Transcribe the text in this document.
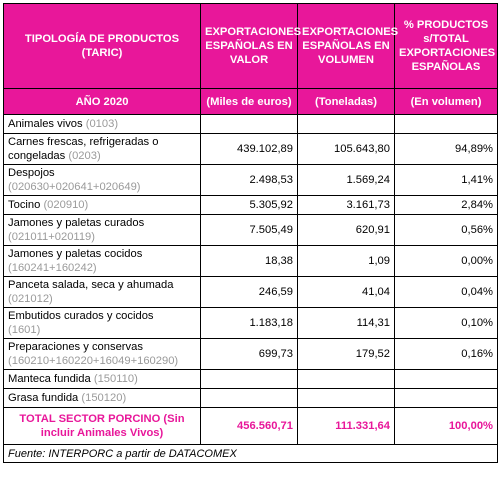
TIPOLOGÍA DE PRODUCTOS (TARIC)	EXPORTACIONES ESPAÑOLAS EN VALOR	EXPORTACIONES ESPAÑOLAS EN VOLUMEN	% PRODUCTOS s/TOTAL EXPORTACIONES ESPAÑOLAS
AÑO 2020	(Miles de euros)	(Toneladas)	(En volumen)
Animales vivos (0103)			
Carnes frescas, refrigeradas o congeladas (0203)	439.102,89	105.643,80	94,89%
Despojos
(020630+020641+020649)	2.498,53	1.569,24	1,41%
Tocino (020910)	5.305,92	3.161,73	2,84%
Jamones y paletas curados
(021011+020119)	7.505,49	620,91	0,56%
Jamones y paletas cocidos
(160241+160242)	18,38	1,09	0,00%
Panceta salada, seca y ahumada
(021012)	246,59	41,04	0,04%
Embutidos curados y cocidos
(1601)	1.183,18	114,31	0,10%
Preparaciones y conservas
(160210+160220+16049+160290)	699,73	179,52	0,16%
Manteca fundida (150110)			
Grasa fundida (150120)			
TOTAL SECTOR PORCINO (Sin incluir Animales Vivos)	456.560,71	111.331,64	100,00%
Fuente: INTERPORC a partir de DATACOMEX			
